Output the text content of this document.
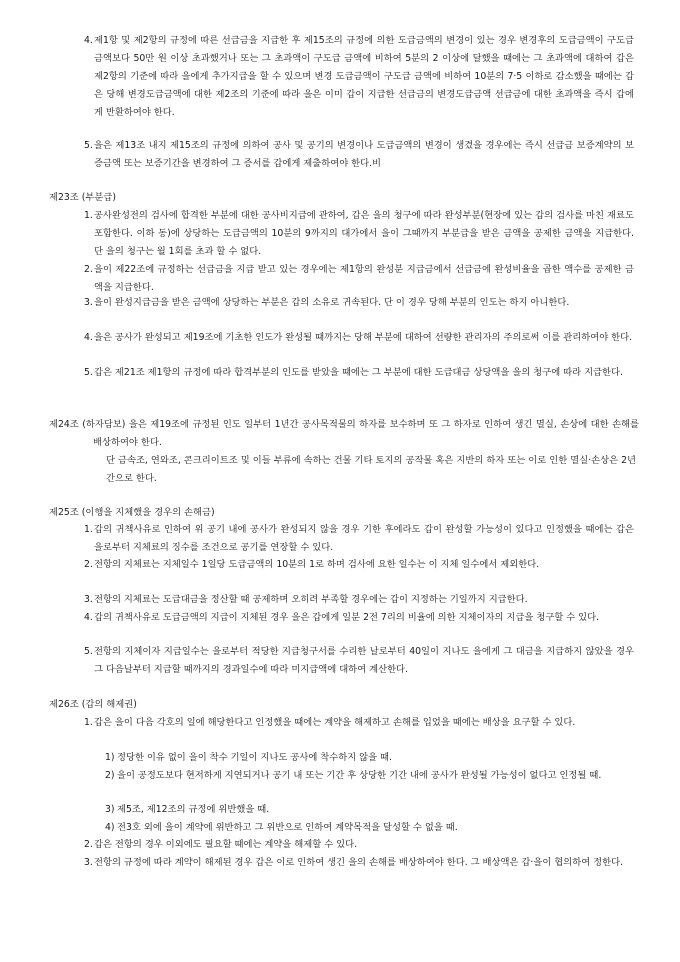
4. 제1항 및 제2항의 규정에 따른 선급금을 지급한 후 제15조의 규정에 의한 도급금액의 변경이 있는 경우 변경후의 도급금액이 구도급 금액보다 50만 원 이상 초과했거나 또는 그 초과액이 구도급 금액에 비하여 5분의 2 이상에 달했을 때에는 그 초과액에 대하여 갑은 제2항의 기준에 따라 을에게 추가지급을 할 수 있으며 변경 도급금액이 구도급 금액에 비하여 10분의 7·5 이하로 감소했을 때에는 갑은 당해 변경도급금액에 대한 제2조의 기준에 따라 을은 이미 갑이 지급한 선급금의 변경도급금액 선급금에 대한 초과액을 즉시 갑에게 반환하여야 한다.
5. 을은 제13조 내지 제15조의 규정에 의하여 공사 및 공기의 변경이나 도급금액의 변경이 생겼을 경우에는 즉시 선급금 보증계약의 보증금액 또는 보증기간을 변경하여 그 증서를 갑에게 제출하여야 한다.비
제23조 (부분급)
1. 공사완성전의 검사에 합격한 부분에 대한 공사비지급에 관하여, 갑은 을의 청구에 따라 완성부분(현장에 있는 갑의 검사를 마친 재료도 포함한다. 이하 동)에 상당하는 도급금액의 10분의 9까지의 대가에서 을이 그때까지 부분급을 받은 금액을 공제한 금액을 지급한다. 단 을의 청구는 월 1회를 초과 할 수 없다.
2. 을이 제22조에 규정하는 선급금을 지급 받고 있는 경우에는 제1항의 완성분 지급금에서 선급금에 완성비율을 곱한 액수를 공제한 금액을 지급한다.
3. 을이 완성지급금을 받은 금액에 상당하는 부분은 갑의 소유로 귀속된다. 단 이 경우 당해 부분의 인도는 하지 아니한다.
4. 을은 공사가 완성되고 제19조에 기초한 인도가 완성될 때까지는 당해 부분에 대하여 선량한 관리자의 주의로써 이를 관리하여야 한다.
5. 갑은 제21조 제1항의 규정에 따라 합격부분의 인도를 받았을 때에는 그 부분에 대한 도급대금 상당액을 을의 청구에 따라 지급한다.
제24조 (하자담보) 을은 제19조에 규정된 인도 일부터 1년간 공사목적물의 하자를 보수하며 또 그 하자로 인하여 생긴 멸실, 손상에 대한 손해를 배상하여야 한다.
단 금속조, 연와조, 콘크리이트조 및 이들 부류에 속하는 건물 기타 토지의 공작물 혹은 지반의 하자 또는 이로 인한 멸실·손상은 2년간으로 한다.
제25조 (이행을 지체했을 경우의 손해금)
1. 갑의 귀책사유로 인하여 위 공기 내에 공사가 완성되지 않을 경우 기한 후에라도 갑이 완성할 가능성이 있다고 인정했을 때에는 갑은 을로부터 지체료의 징수를 조건으로 공기를 연장할 수 있다.
2. 전항의 지체료는 지체일수 1일당 도급금액의 10분의 1로 하며 검사에 요한 일수는 이 지체 일수에서 제외한다.
3. 전항의 지체료는 도급대금을 정산할 때 공제하며 오히려 부족할 경우에는 갑이 지정하는 기일까지 지급한다.
4. 갑의 귀책사유로 도급금액의 지급이 지체된 경우 을은 갑에게 일분 2전 7리의 비율에 의한 지체이자의 지급을 청구할 수 있다.
5. 전항의 지체이자 지급일수는 을로부터 적당한 지급청구서를 수리한 날로부터 40일이 지나도 을에게 그 대금을 지급하지 않았을 경우 그 다음날부터 지급할 때까지의 경과일수에 따라 미지급액에 대하여 계산한다.
제26조 (갑의 해제권)
1. 갑은 을이 다음 각호의 일에 해당한다고 인정했을 때에는 계약을 해제하고 손해를 입었을 때에는 배상을 요구할 수 있다.
1) 정당한 이유 없이 을이 착수 기일이 지나도 공사에 착수하지 않을 때.
2) 을이 공정도보다 현저하게 지연되거나 공기 내 또는 기간 후 상당한 기간 내에 공사가 완성될 가능성이 없다고 인정될 때.
3) 제5조, 제12조의 규정에 위반했을 때.
4) 전3호 외에 을이 계약에 위반하고 그 위반으로 인하여 계약목적을 달성할 수 없을 때.
2. 갑은 전항의 경우 이외에도 필요할 때에는 계약을 해제할 수 있다.
3. 전항의 규정에 따라 계약이 해제된 경우 갑은 이로 인하여 생긴 을의 손해를 배상하여야 한다. 그 배상액은 갑·을이 협의하여 정한다.
